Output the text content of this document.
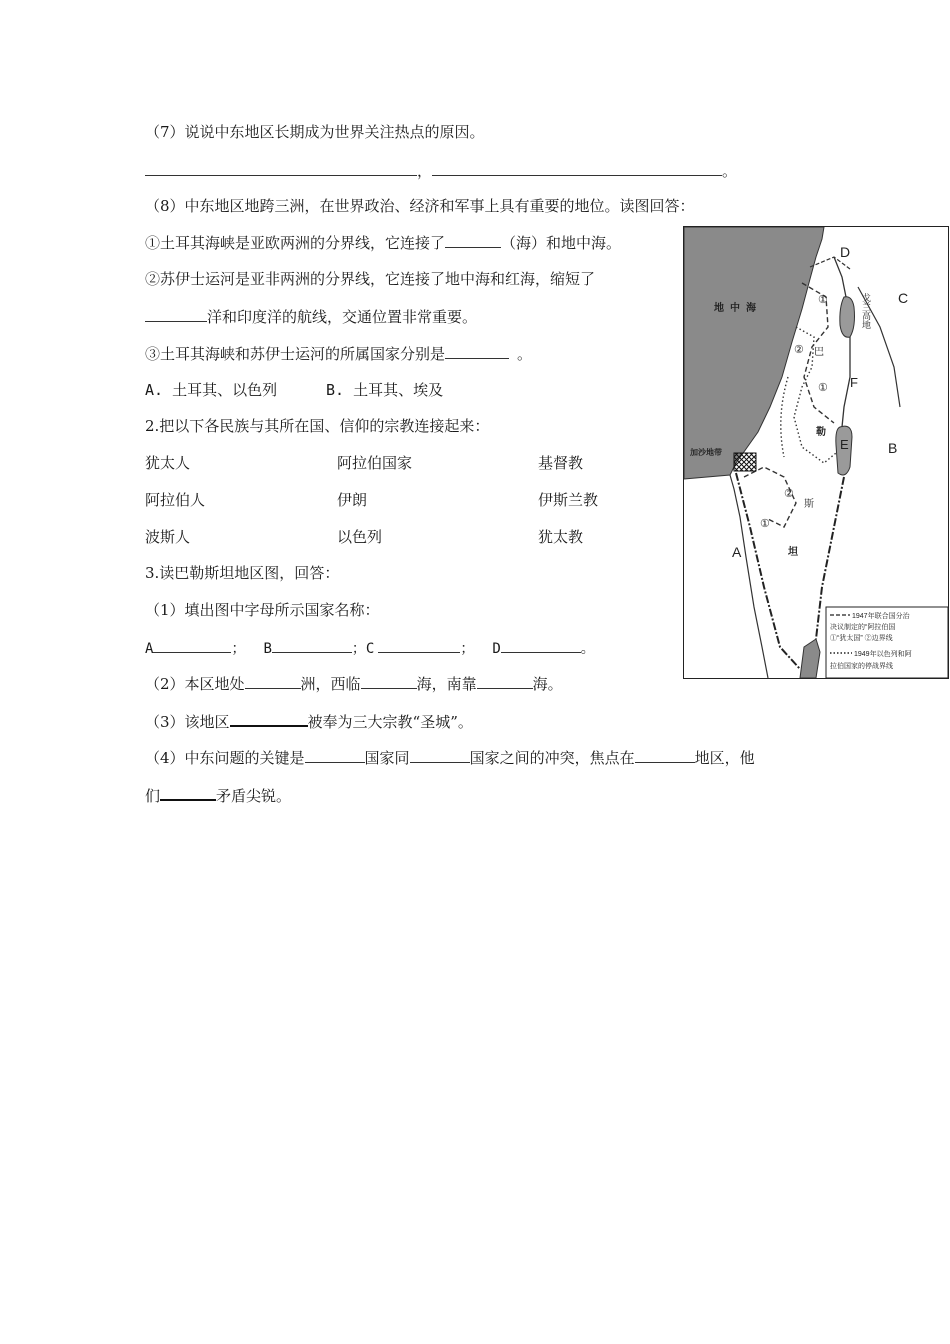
（7）说说中东地区长期成为世界关注热点的原因。
，	。
（8）中东地区地跨三洲，在世界政治、经济和军事上具有重要的地位。读图回答：
①土耳其海峡是亚欧两洲的分界线，它连接了	（海）和地中海。
②苏伊士运河是亚非两洲的分界线，它连接了地中海和红海，缩短了
洋和印度洋的航线，交通位置非常重要。
③土耳其海峡和苏伊士运河的所属国家分别是	。
A. 土耳其、以色列	B. 土耳其、埃及
2.把以下各民族与其所在国、信仰的宗教连接起来：
犹太人	阿拉伯国家	基督教
阿拉伯人	伊朗	伊斯兰教
波斯人	以色列	犹太教
3.读巴勒斯坦地区图，回答：
（1）填出图中字母所示国家名称：
A	； B	；C	； D	。
（2）本区地处	洲，西临	海，南靠	海。
（3）该地区	被奉为三大宗教“圣城”。
（4）中东问题的关键是	国家同	国家之间的冲突，焦点在	地区，他
们	矛盾尖锐。
地中海
加沙地带
戈兰高地
D
C
F
E	B
A
①
②
①
②
①
巴
勒
斯
坦
1947年联合国分治
决议制定的“阿拉伯国
①“犹太国” ②边界线
1949年以色列和阿
拉伯国家的停战界线
